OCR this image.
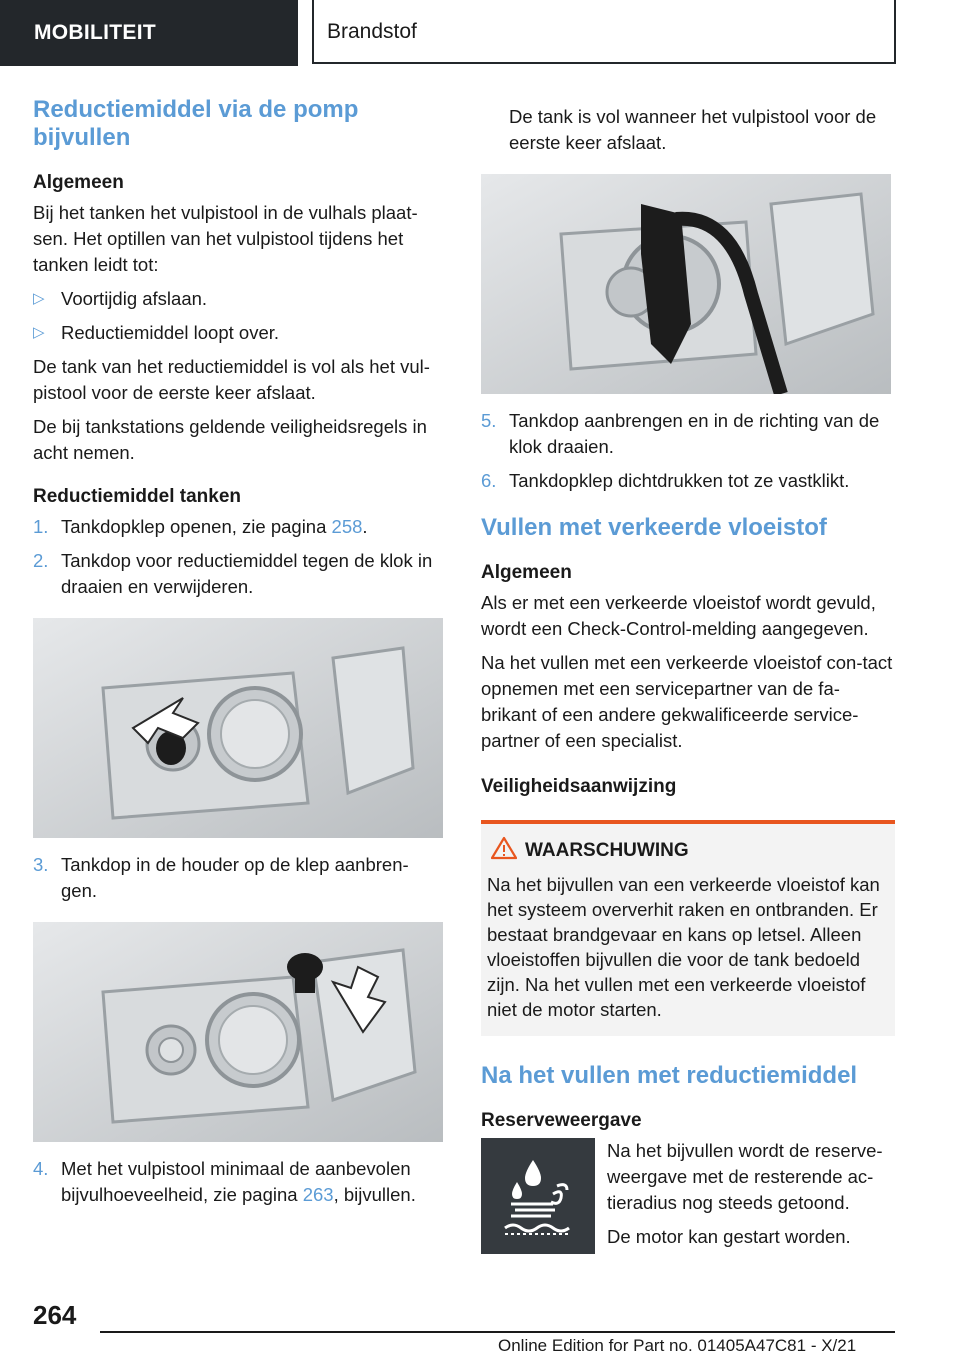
MOBILITEIT	Brandstof
Reductiemiddel via de pomp bijvullen
Algemeen
Bij het tanken het vulpistool in de vulhals plaat-sen. Het optillen van het vulpistool tijdens het tanken leidt tot:
▷ Voortijdig afslaan.
▷ Reductiemiddel loopt over.
De tank van het reductiemiddel is vol als het vul-pistool voor de eerste keer afslaat.
De bij tankstations geldende veiligheidsregels in acht nemen.
Reductiemiddel tanken
1. Tankdopklep openen, zie pagina 258.
2. Tankdop voor reductiemiddel tegen de klok in draaien en verwijderen.
3. Tankdop in de houder op de klep aanbren-gen.
4. Met het vulpistool minimaal de aanbevolen bijvulhoeveelheid, zie pagina 263, bijvullen.
De tank is vol wanneer het vulpistool voor de eerste keer afslaat.
5. Tankdop aanbrengen en in de richting van de klok draaien.
6. Tankdopklep dichtdrukken tot ze vastklikt.
Vullen met verkeerde vloeistof
Algemeen
Als er met een verkeerde vloeistof wordt gevuld, wordt een Check-Control-melding aangegeven.
Na het vullen met een verkeerde vloeistof con-tact opnemen met een servicepartner van de fa-brikant of een andere gekwalificeerde service-partner of een specialist.
Veiligheidsaanwijzing
WAARSCHUWING
Na het bijvullen van een verkeerde vloeistof kan het systeem oververhit raken en ontbranden. Er bestaat brandgevaar en kans op letsel. Alleen vloeistoffen bijvullen die voor de tank bedoeld zijn. Na het vullen met een verkeerde vloeistof niet de motor starten.
Na het vullen met reductiemiddel
Reserveweergave
Na het bijvullen wordt de reserve-weergave met de resterende ac-tieradius nog steeds getoond.
De motor kan gestart worden.
264
Online Edition for Part no. 01405A47C81 - X/21
